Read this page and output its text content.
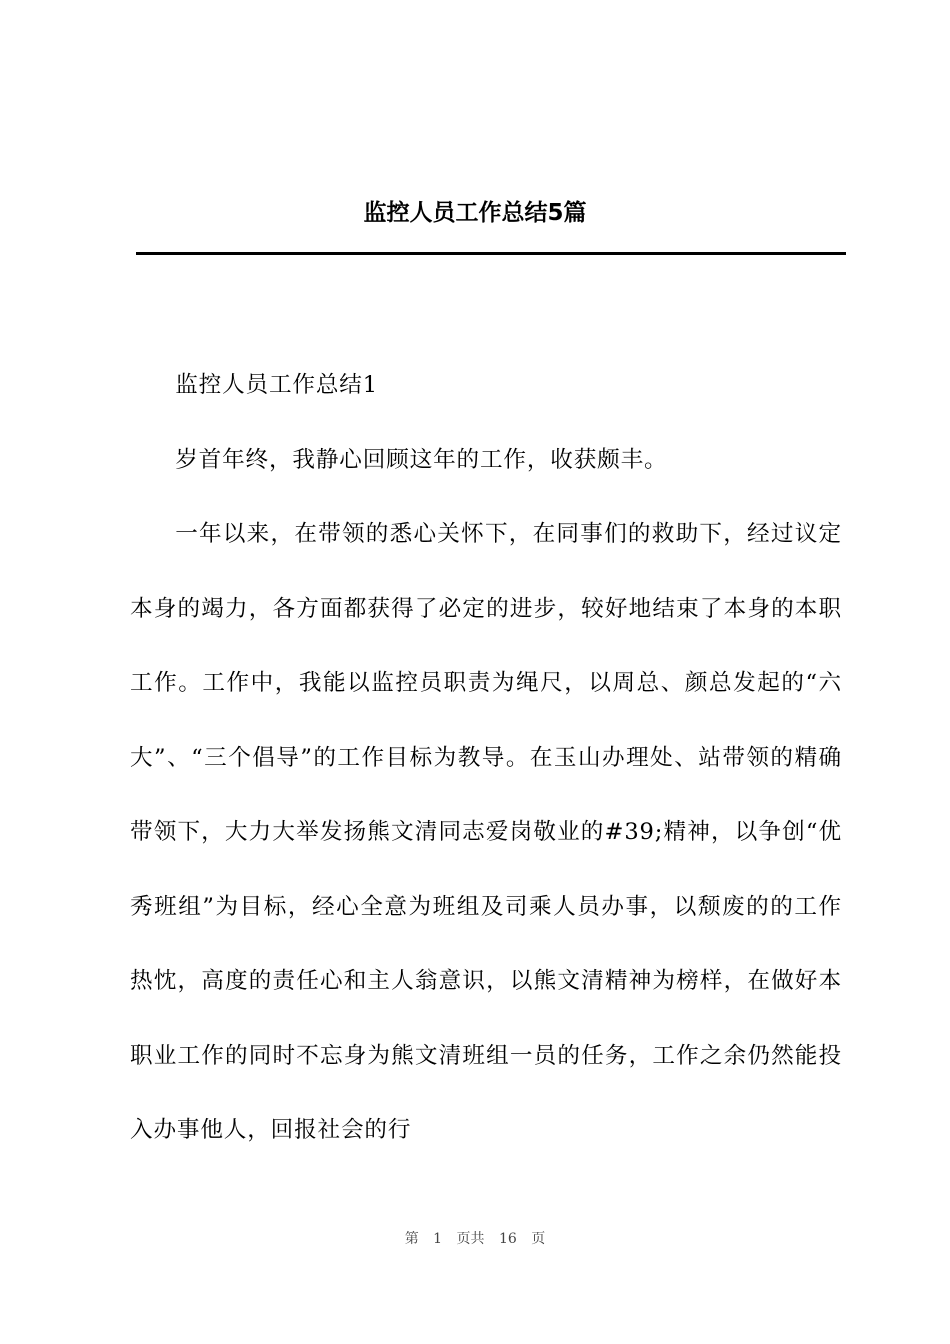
监控人员工作总结5篇

监控人员工作总结1

岁首年终，我静心回顾这年的工作，收获颇丰。

一年以来，在带领的悉心关怀下，在同事们的救助下，经过议定本身的竭力，各方面都获得了必定的进步，较好地结束了本身的本职工作。工作中，我能以监控员职责为绳尺，以周总、颜总发起的“六大”、“三个倡导”的工作目标为教导。在玉山办理处、站带领的精确带领下，大力大举发扬熊文清同志爱岗敬业的#39;精神，以争创“优秀班组”为目标，经心全意为班组及司乘人员办事，以颓废的的工作热忱，高度的责任心和主人翁意识，以熊文清精神为榜样，在做好本职业工作的同时不忘身为熊文清班组一员的任务，工作之余仍然能投入办事他人，回报社会的行

第 1 页共 16 页
